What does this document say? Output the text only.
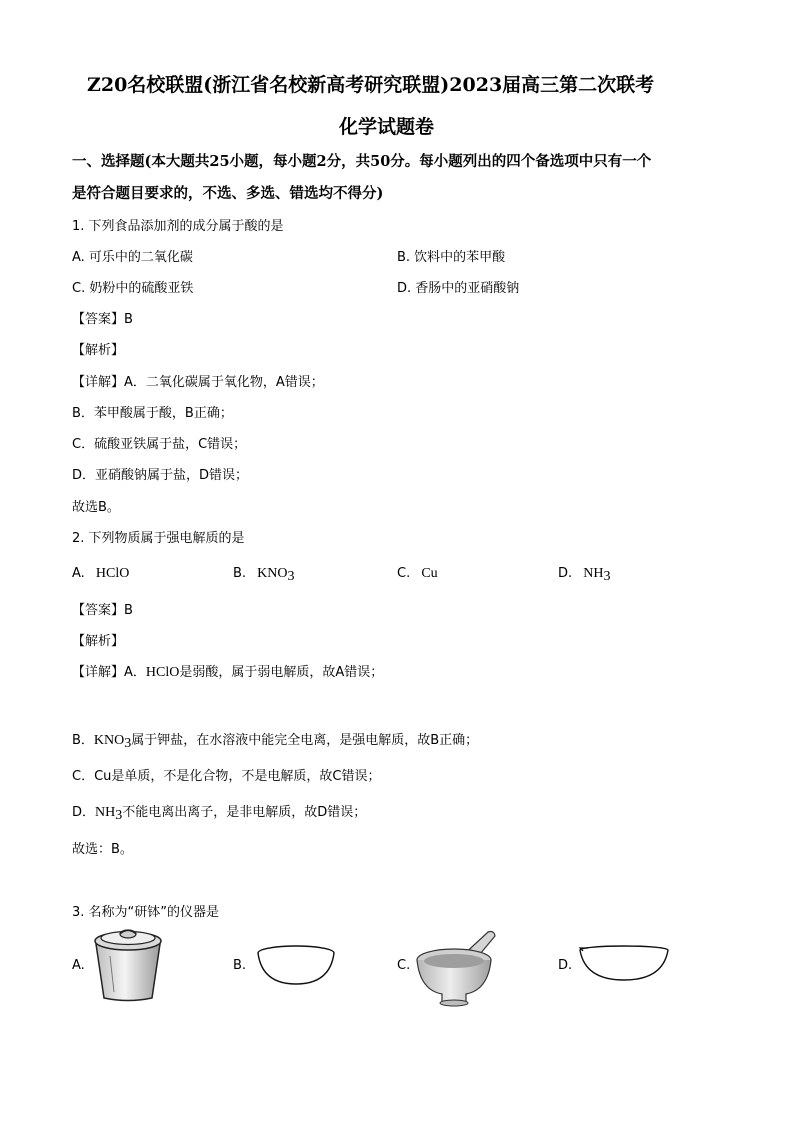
Z20名校联盟(浙江省名校新高考研究联盟)2023届高三第二次联考
化学试题卷
一、选择题(本大题共25小题，每小题2分，共50分。每小题列出的四个备选项中只有一个
是符合题目要求的，不选、多选、错选均不得分)
1. 下列食品添加剂的成分属于酸的是
A. 可乐中的二氧化碳	B. 饮料中的苯甲酸
C. 奶粉中的硫酸亚铁	D. 香肠中的亚硝酸钠
【答案】B
【解析】
【详解】A．二氧化碳属于氧化物，A错误；
B．苯甲酸属于酸，B正确；
C．硫酸亚铁属于盐，C错误；
D．亚硝酸钠属于盐，D错误；
故选B。
2. 下列物质属于强电解质的是
A. HClO	B. $KNO_3$	C. Cu	D. $NH_3$
【答案】B
【解析】
【详解】A．HClO是弱酸，属于弱电解质，故A错误；
B．$KNO_3$属于钾盐，在水溶液中能完全电离，是强电解质，故B正确；
C．Cu是单质，不是化合物，不是电解质，故C错误；
D．$NH_3$不能电离出离子，是非电解质，故D错误；
故选：B。
3. 名称为“研钵”的仪器是
A.	B.	C.	D.
